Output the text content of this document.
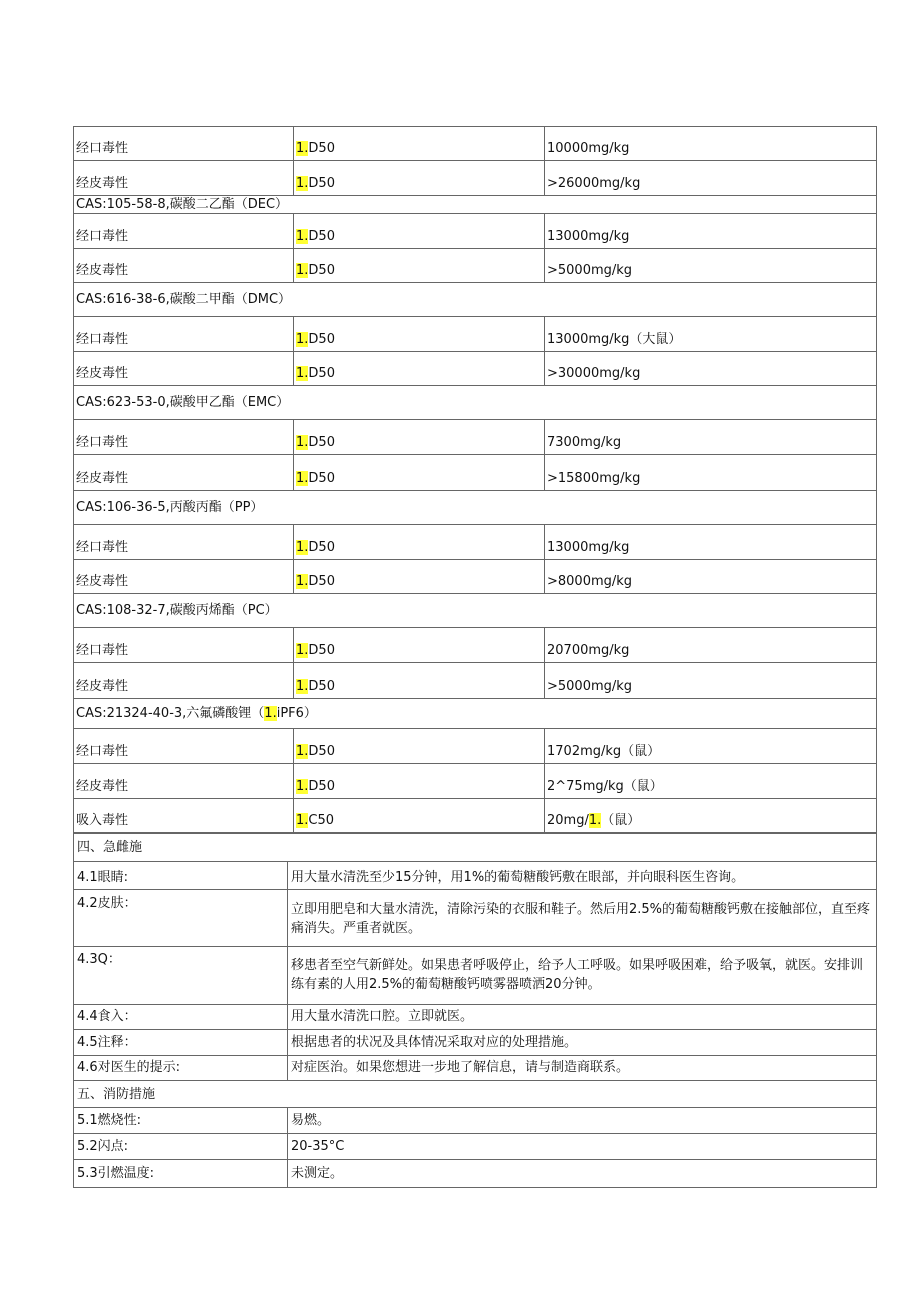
经口毒性	1.D50	10000mg/kg
经皮毒性	1.D50	>26000mg/kg
CAS:105-58-8,碳酸二乙酯（DEC）		
经口毒性	1.D50	13000mg/kg
经皮毒性	1.D50	>5000mg/kg
CAS:616-38-6,碳酸二甲酯（DMC）		
经口毒性	1.D50	13000mg/kg（大鼠）
经皮毒性	1.D50	>30000mg/kg
CAS:623-53-0,碳酸甲乙酯（EMC）		
经口毒性	1.D50	7300mg/kg
经皮毒性	1.D50	>15800mg/kg
CAS:106-36-5,丙酸丙酯（PP）		
经口毒性	1.D50	13000mg/kg
经皮毒性	1.D50	>8000mg/kg
CAS:108-32-7,碳酸丙烯酯（PC）		
经口毒性	1.D50	20700mg/kg
经皮毒性	1.D50	>5000mg/kg
CAS:21324-40-3,六氟磷酸锂（1.iPF6）		
经口毒性	1.D50	1702mg/kg（鼠）
经皮毒性	1.D50	2^75mg/kg（鼠）
吸入毒性	1.C50	20mg/1.（鼠）
四、急雌施	
4.1眼睛:	用大量水清洗至少15分钟，用1%的葡萄糖酸钙敷在眼部，并向眼科医生咨询。
4.2皮肤：	立即用肥皂和大量水清洗，清除污染的衣服和鞋子。然后用2.5%的葡萄糖酸钙敷在接触部位，直至疼痛消失。严重者就医。
4.3Q：	移患者至空气新鲜处。如果患者呼吸停止，给予人工呼吸。如果呼吸困难，给予吸氧，就医。安排训练有素的人用2.5%的葡萄糖酸钙喷雾器喷洒20分钟。
4.4食入：	用大量水清洗口腔。立即就医。
4.5注释：	根据患者的状况及具体情况采取对应的处理措施。
4.6对医生的提示:	对症医治。如果您想进一步地了解信息，请与制造商联系。
五、消防措施	
5.1燃烧性:	易燃。
5.2闪点:	20-35°C
5.3引燃温度:	未测定。
